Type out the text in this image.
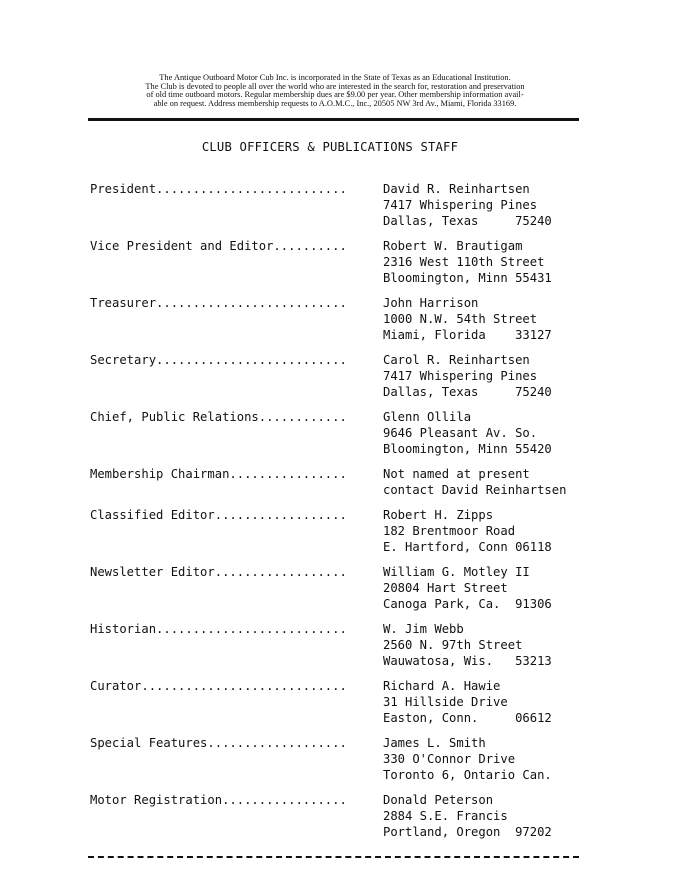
The Antique Outboard Motor Cub Inc. is incorporated in the State of Texas as an Educational Institution.
The Club is devoted to people all over the world who are interested in the search for, restoration and preservation
of old time outboard motors. Regular membership dues are $9.00 per year. Other membership information avail-
able on request. Address membership requests to A.O.M.C., Inc., 20505 NW 3rd Av., Miami, Florida 33169.
CLUB OFFICERS & PUBLICATIONS STAFF
President..........................	David R. Reinhartsen
7417 Whispering Pines
Dallas, Texas     75240
Vice President and Editor..........	Robert W. Brautigam
2316 West 110th Street
Bloomington, Minn 55431
Treasurer..........................	John Harrison
1000 N.W. 54th Street
Miami, Florida    33127
Secretary..........................	Carol R. Reinhartsen
7417 Whispering Pines
Dallas, Texas     75240
Chief, Public Relations............	Glenn Ollila
9646 Pleasant Av. So.
Bloomington, Minn 55420
Membership Chairman................	Not named at present
contact David Reinhartsen
Classified Editor..................	Robert H. Zipps
182 Brentmoor Road
E. Hartford, Conn 06118
Newsletter Editor..................	William G. Motley II
20804 Hart Street
Canoga Park, Ca.  91306
Historian..........................	W. Jim Webb
2560 N. 97th Street
Wauwatosa, Wis.   53213
Curator............................	Richard A. Hawie
31 Hillside Drive
Easton, Conn.     06612
Special Features...................	James L. Smith
330 O'Connor Drive
Toronto 6, Ontario Can.
Motor Registration.................	Donald Peterson
2884 S.E. Francis
Portland, Oregon  97202
